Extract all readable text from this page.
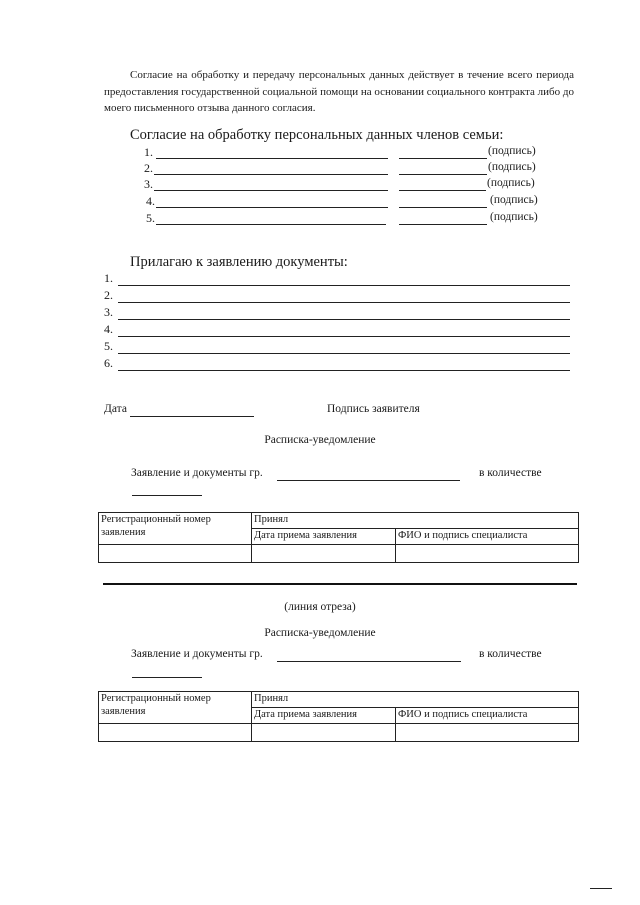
Согласие на обработку и передачу персональных данных действует в течение всего периода предоставления государственной социальной помощи на основании социального контракта либо до моего письменного отзыва данного согласия.
Согласие на обработку персональных данных членов семьи:
1.	(подпись)
2.	(подпись)
3.	(подпись)
4.	(подпись)
5.	(подпись)
Прилагаю к заявлению документы:
1.
2.
3.
4.
5.
6.
Дата	Подпись заявителя
Расписка-уведомление
Заявление и документы гр.	в количестве
Регистрационный номер заявления	Принял	
	Дата приема заявления	ФИО и подпись специалиста

(линия отреза)
Расписка-уведомление
Заявление и документы гр.	в количестве
Регистрационный номер заявления	Принял	
	Дата приема заявления	ФИО и подпись специалиста
